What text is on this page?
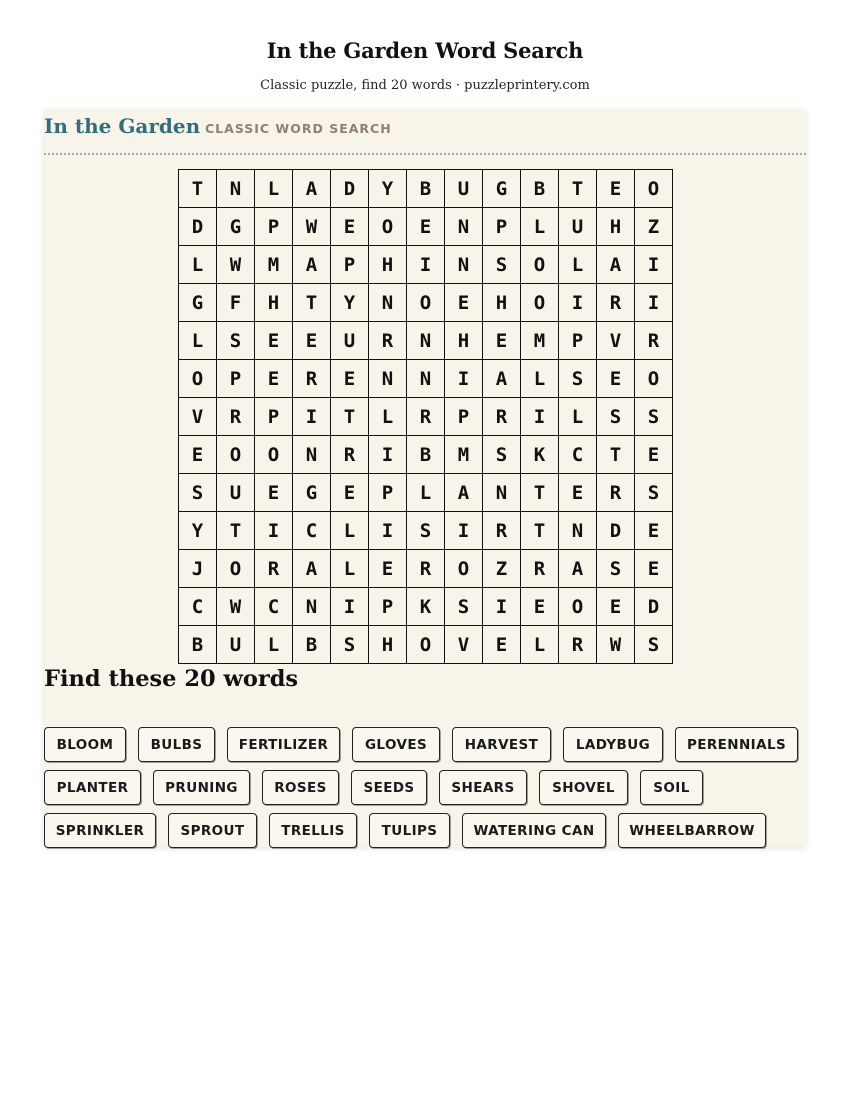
In the Garden Word Search

Classic puzzle, find 20 words · puzzleprintery.com

In the Garden CLASSIC WORD SEARCH
T	N	L	A	D	Y	B	U	G	B	T	E	O
D	G	P	W	E	O	E	N	P	L	U	H	Z
L	W	M	A	P	H	I	N	S	O	L	A	I
G	F	H	T	Y	N	O	E	H	O	I	R	I
L	S	E	E	U	R	N	H	E	M	P	V	R
O	P	E	R	E	N	N	I	A	L	S	E	O
V	R	P	I	T	L	R	P	R	I	L	S	S
E	O	O	N	R	I	B	M	S	K	C	T	E
S	U	E	G	E	P	L	A	N	T	E	R	S
Y	T	I	C	L	I	S	I	R	T	N	D	E
J	O	R	A	L	E	R	O	Z	R	A	S	E
C	W	C	N	I	P	K	S	I	E	O	E	D
B	U	L	B	S	H	O	V	E	L	R	W	S
Find these 20 words
BLOOM	BULBS	FERTILIZER	GLOVES	HARVEST	LADYBUG	PERENNIALS
PLANTER	PRUNING	ROSES	SEEDS	SHEARS	SHOVEL	SOIL
SPRINKLER	SPROUT	TRELLIS	TULIPS	WATERING CAN	WHEELBARROW
